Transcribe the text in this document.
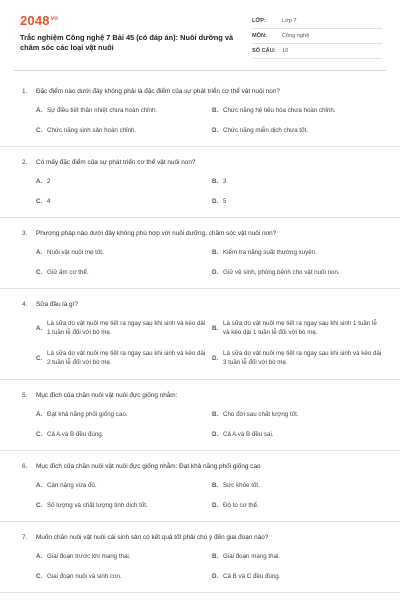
$2048^{vn}$
Trắc nghiệm Công nghệ 7 Bài 45 (có đáp án): Nuôi dưỡng và chăm sóc các loại vật nuôi
LỚP:	Lớp 7
MÔN:	Công nghệ
SỐ CÂU:	10
1.	Đặc điểm nào dưới đây không phải là đặc điểm của sự phát triển cơ thể vật nuôi non?
A. Sự điều tiết thân nhiệt chưa hoàn chỉnh.	B. Chức năng hệ tiêu hóa chưa hoàn chỉnh.
C. Chức năng sinh sản hoàn chỉnh.	D. Chức năng miễn dịch chưa tốt.
2.	Có mấy đặc điểm của sự phát triển cơ thể vật nuôi non?
A. 2	B. 3
C. 4	D. 5
3.	Phương pháp nào dưới đây không phù hợp với nuôi dưỡng, chăm sóc vật nuôi non?
A. Nuôi vật nuôi mẹ tốt.	B. Kiểm tra năng suất thường xuyên.
C. Giữ ấm cơ thể.	D. Giữ vệ sinh, phòng bệnh cho vật nuôi non.
4.	Sữa đầu là gì?
A.
Là sữa do vật nuôi mẹ tiết ra ngay sau khi sinh và kéo dài 1 tuần lễ đối với bò mẹ.
B.
Là sữa do vật nuôi mẹ tiết ra ngay sau khi sinh 1 tuần lễ và kéo dài 1 tuần lễ đối với bò mẹ.
C.
Là sữa do vật nuôi mẹ tiết ra ngay sau khi sinh và kéo dài 2 tuần lễ đối với bò mẹ.
D.
Là sữa do vật nuôi mẹ tiết ra ngay sau khi sinh và kéo dài 3 tuần lễ đối với bò mẹ.
5.	Mục đích của chăn nuôi vật nuôi đực giống nhằm:
A. Đạt khả năng phối giống cao.	B. Cho đời sau chất lượng tốt.
C. Cả A và B đều đúng.	D. Cả A và B đều sai.
6.	Mục đích của chăn nuôi vật nuôi đực giống nhằm: Đạt khả năng phối giống cao
A. Cân nặng vừa đủ.	B. Sức khỏe tốt.
C. Số lượng và chất lượng tinh dịch tốt.	D. Độ to cơ thể.
7.	Muốn chăn nuôi vật nuôi cái sinh sản có kết quả tốt phải chú ý đến giai đoạn nào?
A. Giai đoạn trước khi mang thai.	B. Giai đoạn mang thai.
C. Giai đoạn nuôi và sinh con.	D. Cả B và C đều đúng.
